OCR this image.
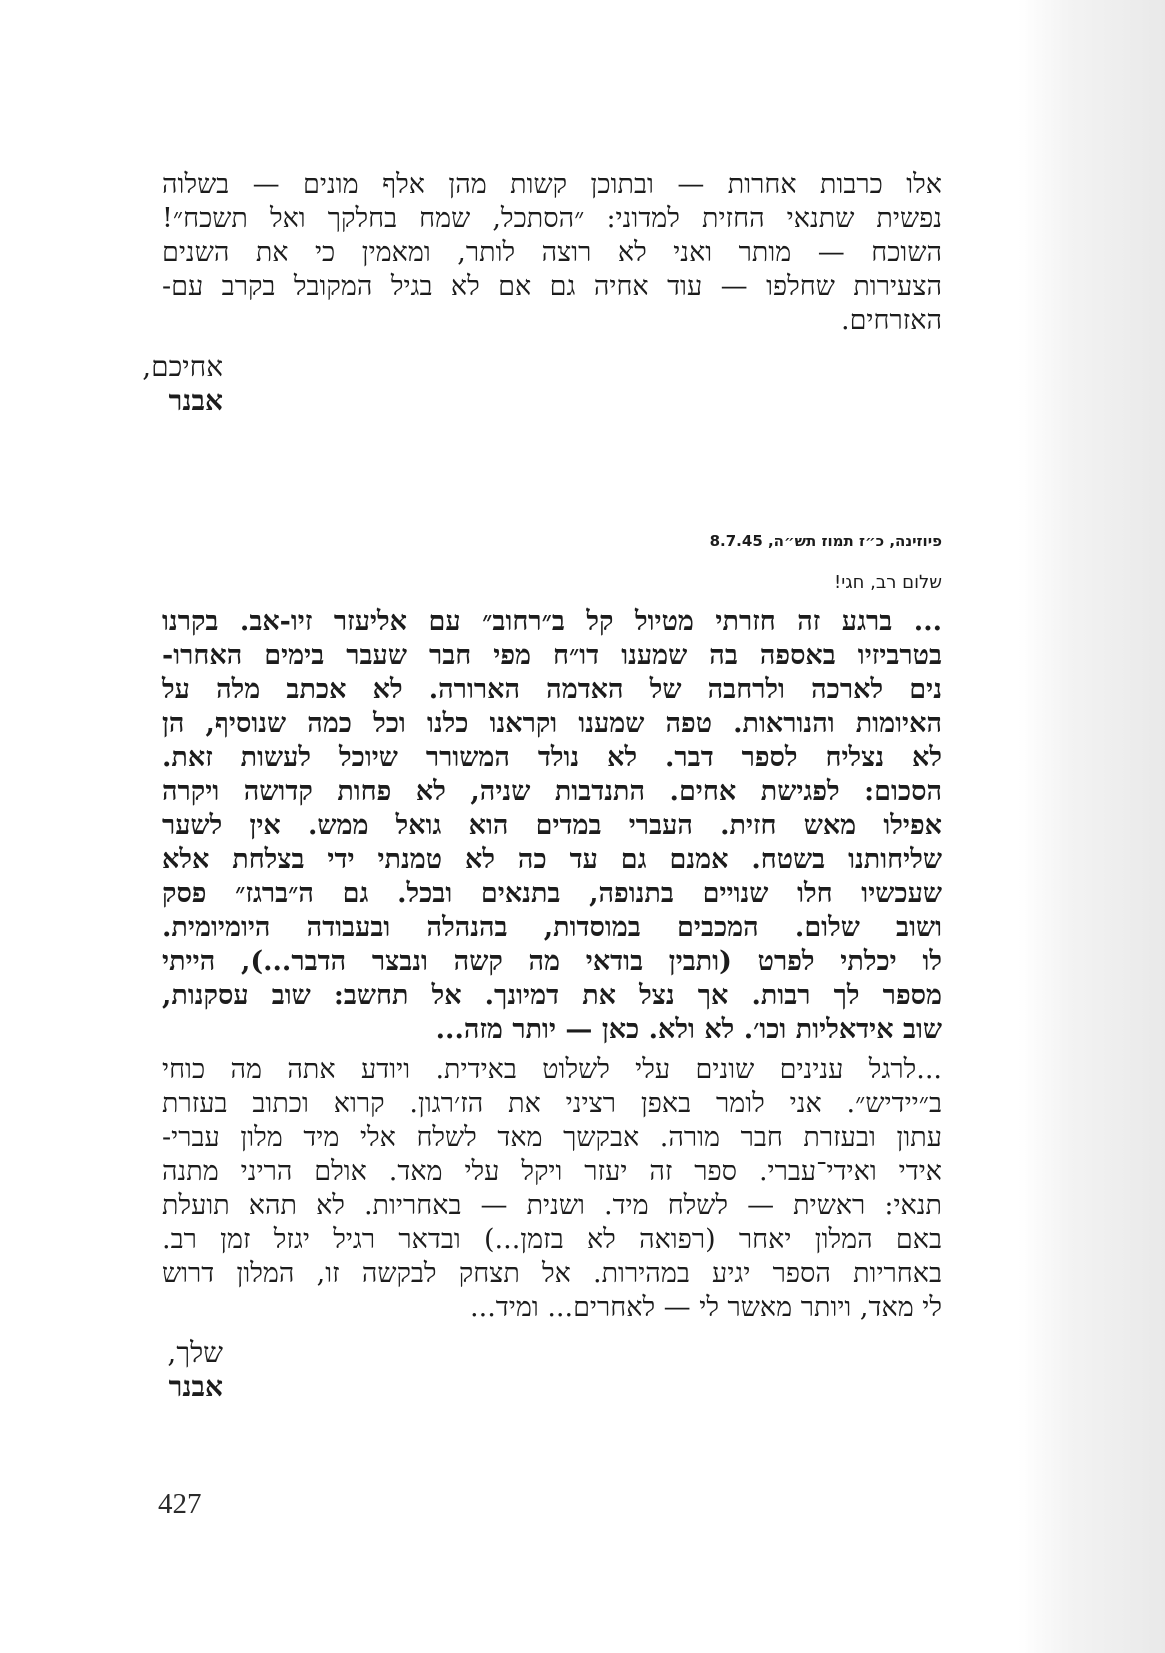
אלו כרבות אחרות — ובתוכן קשות מהן אלף מונים — בשלוה

נפשית שתנאי החזית למדוני: ״הסתכל, שמח בחלקך ואל תשכח״!

השוכח — מותר ואני לא רוצה לותר, ומאמין כי את השנים

הצעירות שחלפו — עוד אחיה גם אם לא בגיל המקובל בקרב עם-

האזרחים.

אחיכם,

אבנר

פיוזינה, כ״ז תמוז תש״ה, 8.7.45

שלום רב, חגי!

... ברגע זה חזרתי מטיול קל ב״רחוב״ עם אליעזר זיו-אב. בקרנו

בטרביזיו באספה בה שמענו דו״ח מפי חבר שעבר בימים האחרו-

נים לארכה ולרחבה של האדמה הארורה. לא אכתב מלה על

האיומות והנוראות. טפה שמענו וקראנו כלנו וכל כמה שנוסיף, הן

לא נצליח לספר דבר. לא נולד המשורר שיוכל לעשות זאת.

הסכום: לפגישת אחים. התנדבות שניה, לא פחות קדושה ויקרה

אפילו מאש חזית. העברי במדים הוא גואל ממש. אין לשער

שליחותנו בשטח. אמנם גם עד כה לא טמנתי ידי בצלחת אלא

שעכשיו חלו שנויים בתנופה, בתנאים ובכל. גם ה״ברגז״ פסק

ושוב שלום. המכבים במוסדות, בהנהלה ובעבודה היומיומית.

לו יכלתי לפרט (ותבין בודאי מה קשה ונבצר הדבר...), הייתי

מספר לך רבות. אך נצל את דמיונך. אל תחשב: שוב עסקנות,

שוב אידאליות וכו׳. לא ולא. כאן — יותר מזה...

...לרגל ענינים שונים עלי לשלוט באידית. ויודע אתה מה כוחי

ב״יידיש״. אני לומר באפן רציני את הז׳רגון. קרוא וכתוב בעזרת

עתון ובעזרת חבר מורה. אבקשך מאד לשלח אלי מיד מלון עברי-

אידי ואידי־עברי. ספר זה יעזר ויקל עלי מאד. אולם הריני מתנה

תנאי: ראשית — לשלח מיד. ושנית — באחריות. לא תהא תועלת

באם המלון יאחר (רפואה לא בזמן...) ובדאר רגיל יגזל זמן רב.

באחריות הספר יגיע במהירות. אל תצחק לבקשה זו, המלון דרוש

לי מאד, ויותר מאשר לי — לאחרים... ומיד...

שלך,

אבנר

427
